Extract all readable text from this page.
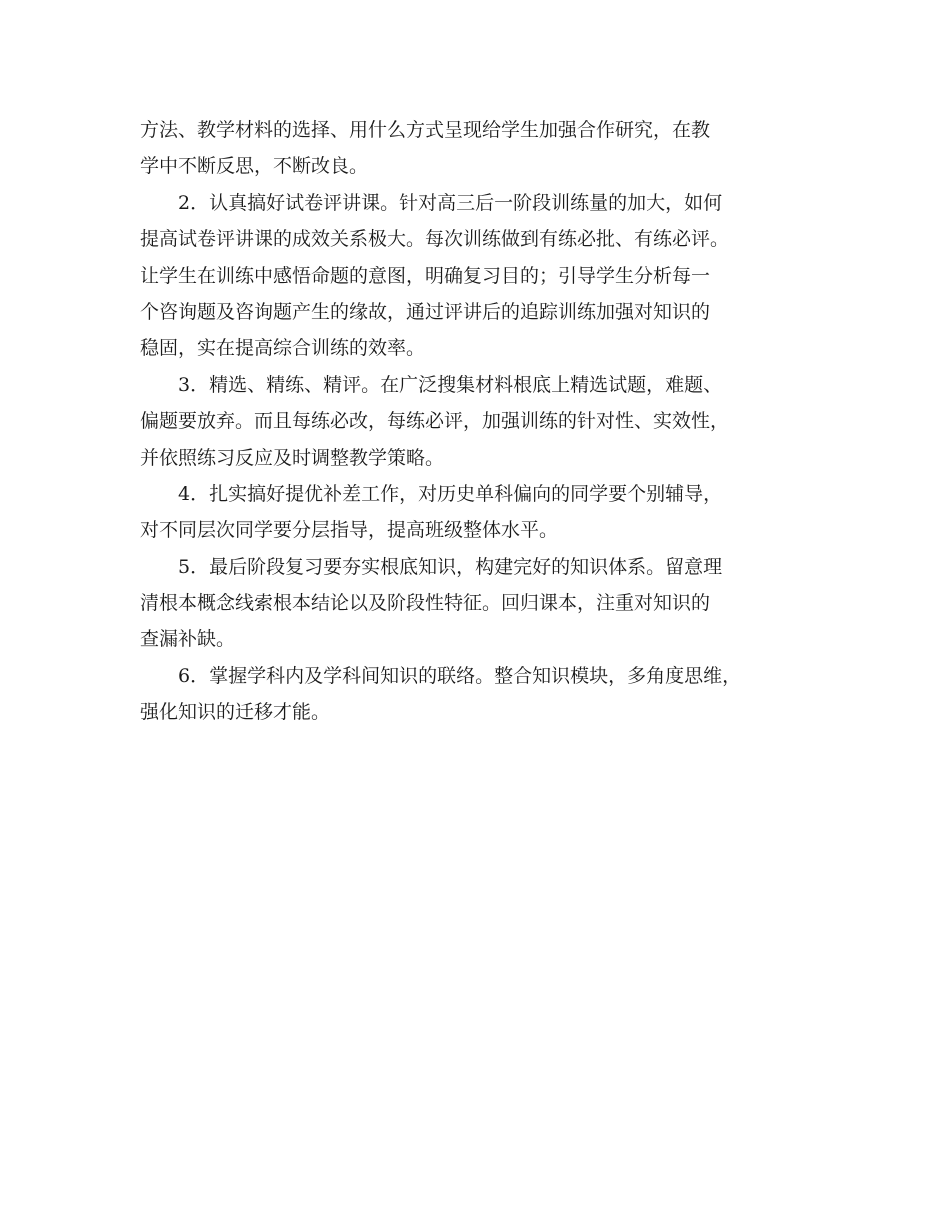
方法、教学材料的选择、用什么方式呈现给学生加强合作研究，在教
学中不断反思，不断改良。
2．认真搞好试卷评讲课。针对高三后一阶段训练量的加大，如何
提高试卷评讲课的成效关系极大。每次训练做到有练必批、有练必评。
让学生在训练中感悟命题的意图，明确复习目的；引导学生分析每一
个咨询题及咨询题产生的缘故，通过评讲后的追踪训练加强对知识的
稳固，实在提高综合训练的效率。
3．精选、精练、精评。在广泛搜集材料根底上精选试题，难题、
偏题要放弃。而且每练必改，每练必评，加强训练的针对性、实效性，
并依照练习反应及时调整教学策略。
4．扎实搞好提优补差工作，对历史单科偏向的同学要个别辅导，
对不同层次同学要分层指导，提高班级整体水平。
5．最后阶段复习要夯实根底知识，构建完好的知识体系。留意理
清根本概念线索根本结论以及阶段性特征。回归课本，注重对知识的
查漏补缺。
6．掌握学科内及学科间知识的联络。整合知识模块，多角度思维，
强化知识的迁移才能。
